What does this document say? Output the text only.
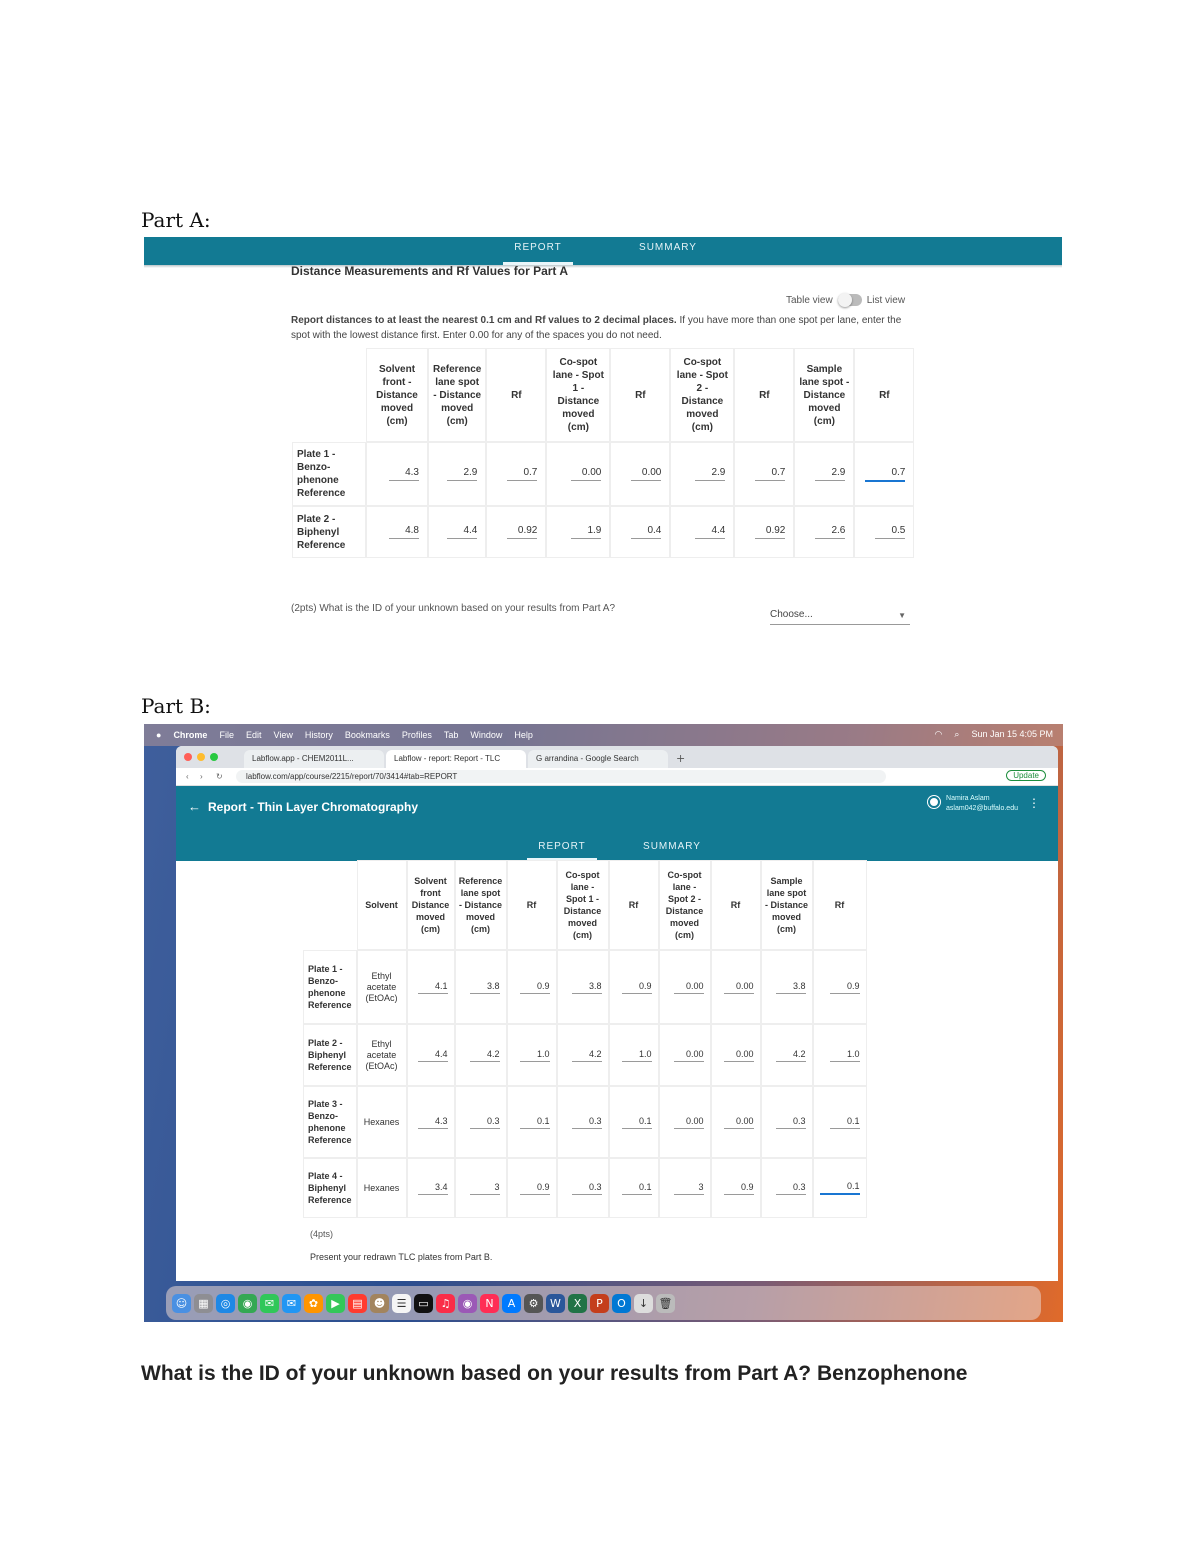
Part A:
REPORT	SUMMARY
Distance Measurements and Rf Values for Part A
Table view	List view
Report distances to at least the nearest 0.1 cm and Rf values to 2 decimal places. If you have more than one spot per lane, enter the spot with the lowest distance first. Enter 0.00 for any of the spaces you do not need.
	Solvent front - Distance moved (cm)	Reference lane spot - Distance moved (cm)	Rf	Co-spot lane - Spot 1 - Distance moved (cm)	Rf	Co-spot lane - Spot 2 - Distance moved (cm)	Rf	Sample lane spot - Distance moved (cm)	Rf
Plate 1 - Benzo-phenone Reference	4.3	2.9	0.7	0.00	0.00	2.9	0.7	2.9	0.7
Plate 2 - Biphenyl Reference	4.8	4.4	0.92	1.9	0.4	4.4	0.92	2.6	0.5
(2pts) What is the ID of your unknown based on your results from Part A?
Choose...	▼
Part B:
● Chrome File Edit View History Bookmarks Profiles Tab Window Help	◠ ⌕ Sun Jan 15 4:05 PM
Labflow.app - CHEM2011L...	Labflow - report: Report - TLC	G arrandina - Google Search	+
‹ › ↻	labflow.com/app/course/2215/report/70/3414#tab=REPORT	Update
← Report - Thin Layer Chromatography
Namira Aslam
aslam042@buffalo.edu ⋮
REPORT	SUMMARY
	Solvent	Solvent front Distance moved (cm)	Reference lane spot - Distance moved (cm)	Rf	Co-spot lane - Spot 1 - Distance moved (cm)	Rf	Co-spot lane - Spot 2 - Distance moved (cm)	Rf	Sample lane spot - Distance moved (cm)	Rf
Plate 1 - Benzo-phenone Reference	Ethyl acetate (EtOAc)	4.1	3.8	0.9	3.8	0.9	0.00	0.00	3.8	0.9
Plate 2 - Biphenyl Reference	Ethyl acetate (EtOAc)	4.4	4.2	1.0	4.2	1.0	0.00	0.00	4.2	1.0
Plate 3 - Benzo-phenone Reference	Hexanes	4.3	0.3	0.1	0.3	0.1	0.00	0.00	0.3	0.1
Plate 4 - Biphenyl Reference	Hexanes	3.4	3	0.9	0.3	0.1	3	0.9	0.3	0.1
(4pts)
Present your redrawn TLC plates from Part B.
☺	▦	◎	◉	✉	✉	✿	▶	▤	☻	☰	▭	♫	◉	N	A	⚙	W	X	P	O	↓ 🗑
What is the ID of your unknown based on your results from Part A? Benzophenone
